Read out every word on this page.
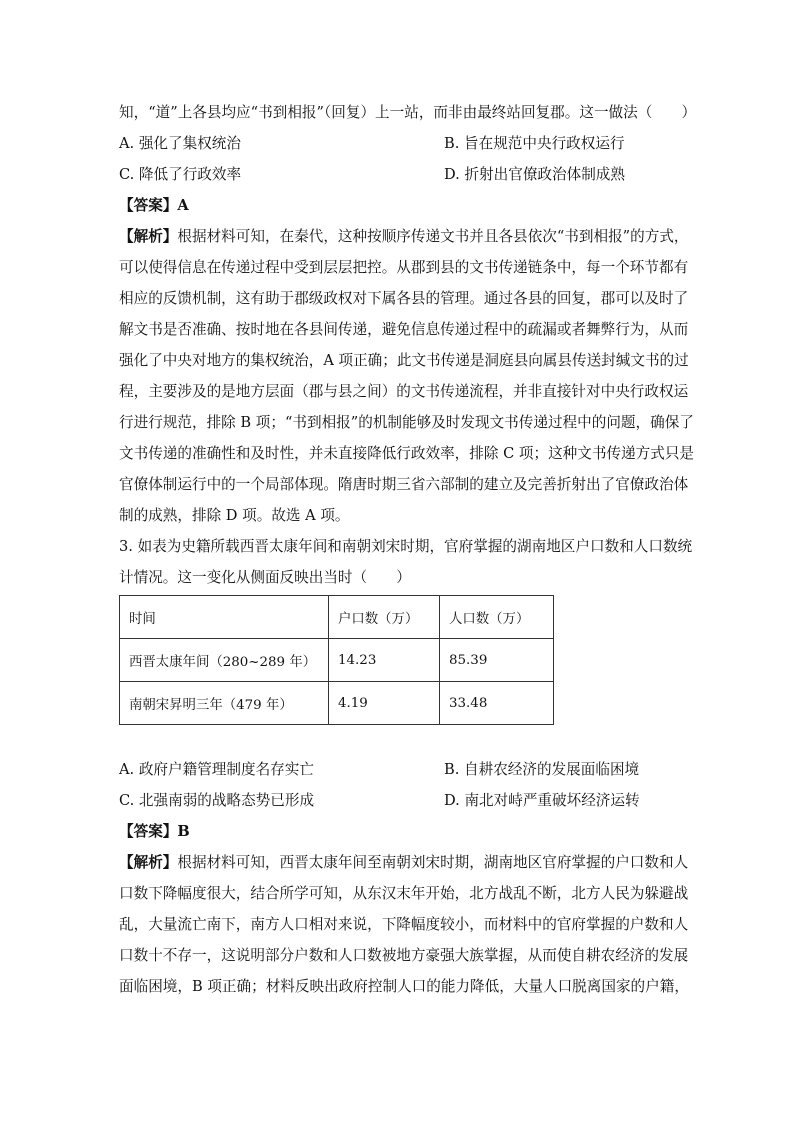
知，“道”上各县均应“书到相报”（回复）上一站，而非由最终站回复郡。这一做法（　　）
A. 强化了集权统治	B. 旨在规范中央行政权运行
C. 降低了行政效率	D. 折射出官僚政治体制成熟
【答案】A
【解析】根据材料可知，在秦代，这种按顺序传递文书并且各县依次“书到相报”的方式，
可以使得信息在传递过程中受到层层把控。从郡到县的文书传递链条中，每一个环节都有
相应的反馈机制，这有助于郡级政权对下属各县的管理。通过各县的回复，郡可以及时了
解文书是否准确、按时地在各县间传递，避免信息传递过程中的疏漏或者舞弊行为，从而
强化了中央对地方的集权统治，A 项正确；此文书传递是洞庭县向属县传送封缄文书的过
程，主要涉及的是地方层面（郡与县之间）的文书传递流程，并非直接针对中央行政权运
行进行规范，排除 B 项；“书到相报”的机制能够及时发现文书传递过程中的问题，确保了
文书传递的准确性和及时性，并未直接降低行政效率，排除 C 项；这种文书传递方式只是
官僚体制运行中的一个局部体现。隋唐时期三省六部制的建立及完善折射出了官僚政治体
制的成熟，排除 D 项。故选 A 项。
3. 如表为史籍所载西晋太康年间和南朝刘宋时期，官府掌握的湖南地区户口数和人口数统
计情况。这一变化从侧面反映出当时（　　）
时间	户口数（万）	人口数（万）
西晋太康年间（280~289 年）	14.23	85.39
南朝宋昇明三年（479 年）	4.19	33.48
A. 政府户籍管理制度名存实亡	B. 自耕农经济的发展面临困境
C. 北强南弱的战略态势已形成	D. 南北对峙严重破坏经济运转
【答案】B
【解析】根据材料可知，西晋太康年间至南朝刘宋时期，湖南地区官府掌握的户口数和人
口数下降幅度很大，结合所学可知，从东汉末年开始，北方战乱不断，北方人民为躲避战
乱，大量流亡南下，南方人口相对来说，下降幅度较小，而材料中的官府掌握的户数和人
口数十不存一，这说明部分户数和人口数被地方豪强大族掌握，从而使自耕农经济的发展
面临困境，B 项正确；材料反映出政府控制人口的能力降低，大量人口脱离国家的户籍，
